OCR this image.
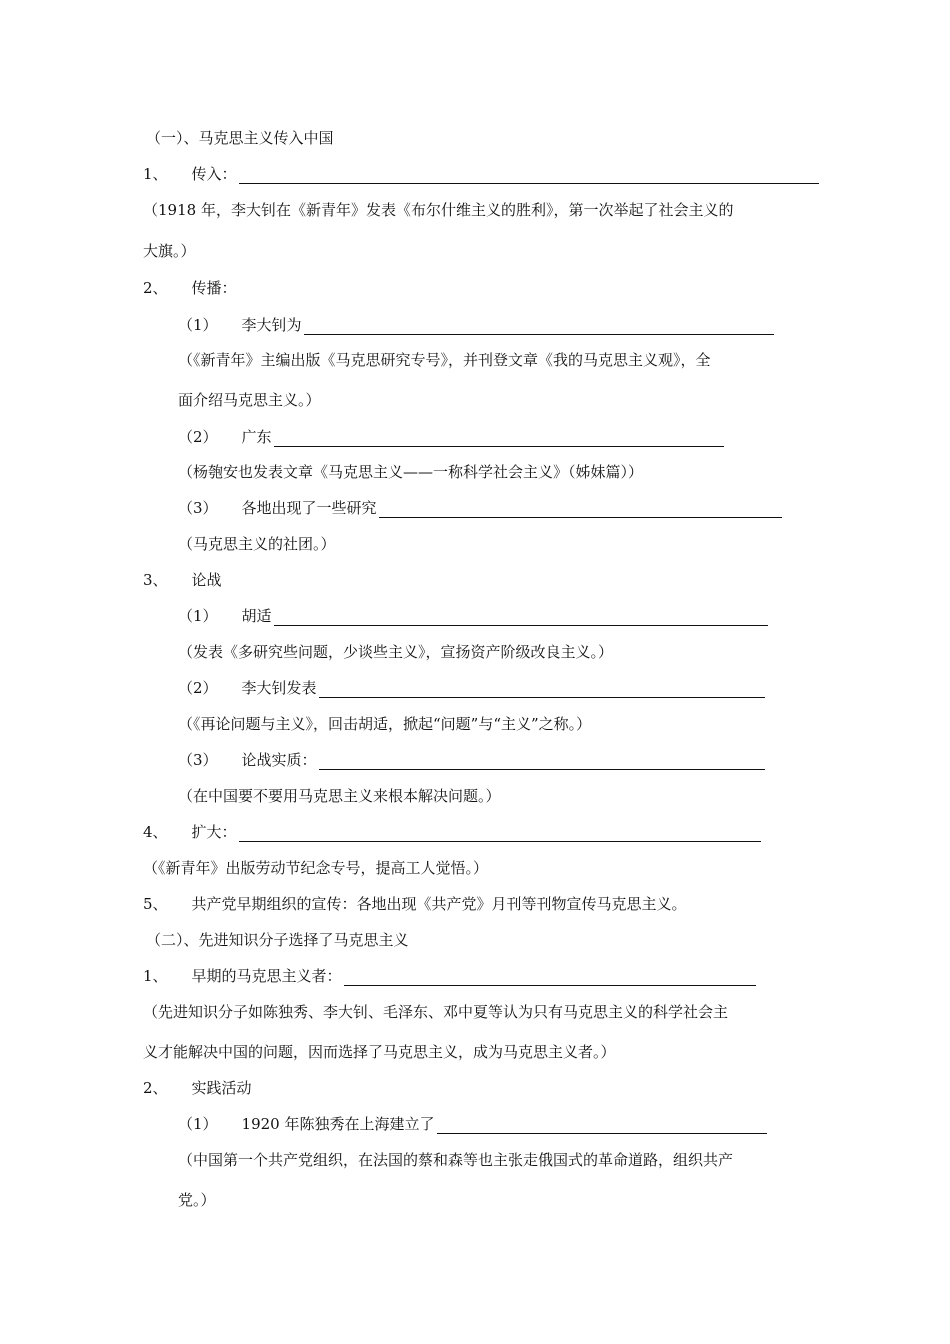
（一）、马克思主义传入中国
1、 传入：
（1918 年，李大钊在《新青年》发表《布尔什维主义的胜利》，第一次举起了社会主义的
大旗。）
2、 传播：
（1） 李大钊为
（《新青年》主编出版《马克思研究专号》，并刊登文章《我的马克思主义观》，全
面介绍马克思主义。）
（2） 广东
（杨匏安也发表文章《马克思主义——一称科学社会主义》（姊妹篇））
（3） 各地出现了一些研究
（马克思主义的社团。）
3、 论战
（1） 胡适
（发表《多研究些问题，少谈些主义》，宣扬资产阶级改良主义。）
（2） 李大钊发表
（《再论问题与主义》，回击胡适，掀起“问题”与“主义”之称。）
（3） 论战实质：
（在中国要不要用马克思主义来根本解决问题。）
4、 扩大：
（《新青年》出版劳动节纪念专号，提高工人觉悟。）
5、 共产党早期组织的宣传：各地出现《共产党》月刊等刊物宣传马克思主义。
（二）、先进知识分子选择了马克思主义
1、 早期的马克思主义者：
（先进知识分子如陈独秀、李大钊、毛泽东、邓中夏等认为只有马克思主义的科学社会主
义才能解决中国的问题，因而选择了马克思主义，成为马克思主义者。）
2、 实践活动
（1） 1920 年陈独秀在上海建立了
（中国第一个共产党组织，在法国的蔡和森等也主张走俄国式的革命道路，组织共产
党。）
